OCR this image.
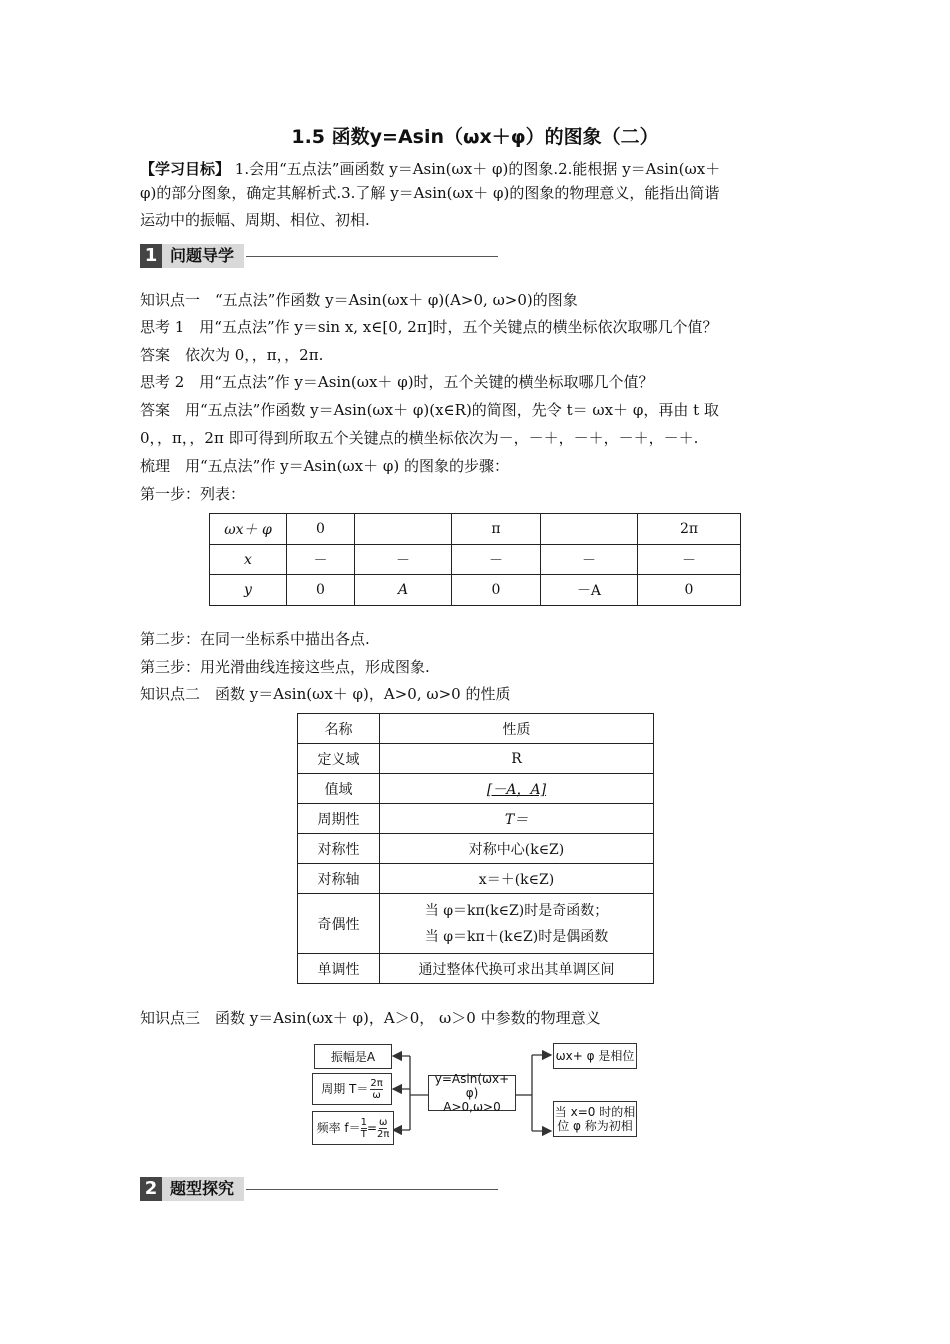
1.5 函数y=Asin（ωx＋φ）的图象（二）
【学习目标】 1.会用“五点法”画函数 y＝Asin(ωx＋ φ)的图象.2.能根据 y＝Asin(ωx＋
φ)的部分图象，确定其解析式.3.了解 y＝Asin(ωx＋ φ)的图象的物理意义，能指出简谐
运动中的振幅、周期、相位、初相.
1 问题导学
知识点一　“五点法”作函数 y＝Asin(ωx＋ φ)(A>0, ω>0)的图象
思考 1　用“五点法”作 y＝sin x, x∈[0, 2π]时，五个关键点的横坐标依次取哪几个值？
答案　依次为 0，，π，，2π.
思考 2　用“五点法”作 y＝Asin(ωx＋ φ)时，五个关键的横坐标取哪几个值？
答案　用“五点法”作函数 y＝Asin(ωx＋ φ)(x∈R)的简图，先令 t＝ ωx＋ φ，再由 t 取
0，，π，，2π 即可得到所取五个关键点的横坐标依次为－，－＋，－＋，－＋，－＋.
梳理　用“五点法”作 y＝Asin(ωx＋ φ) 的图象的步骤：
第一步：列表：
ωx＋ φ	0		π		2π
x	－	－	－	－	－
y	0	A	0	－A	0
第二步：在同一坐标系中描出各点.
第三步：用光滑曲线连接这些点，形成图象.
知识点二　函数 y＝Asin(ωx＋ φ)，A>0, ω>0 的性质
名称	性质
定义域	R
值域	[－A，A]
周期性	T＝
对称性	对称中心(k∈Z)
对称轴	x＝＋(k∈Z)
奇偶性	当 φ＝kπ(k∈Z)时是奇函数；
当 φ＝kπ＋(k∈Z)时是偶函数

单调性	通过整体代换可求出其单调区间
知识点三　函数 y＝Asin(ωx＋ φ)，A＞0， ω＞0 中参数的物理意义
振幅是A
周期 $T= \frac{2\pi}{\omega}$
频率 $f= \frac{1}{T} = \frac{\omega}{2\pi}$
y=Asin(ωx+ φ)
A>0,ω>0
ωx+ φ 是相位
当 x=0 时的相
位 φ 称为初相
2 题型探究
